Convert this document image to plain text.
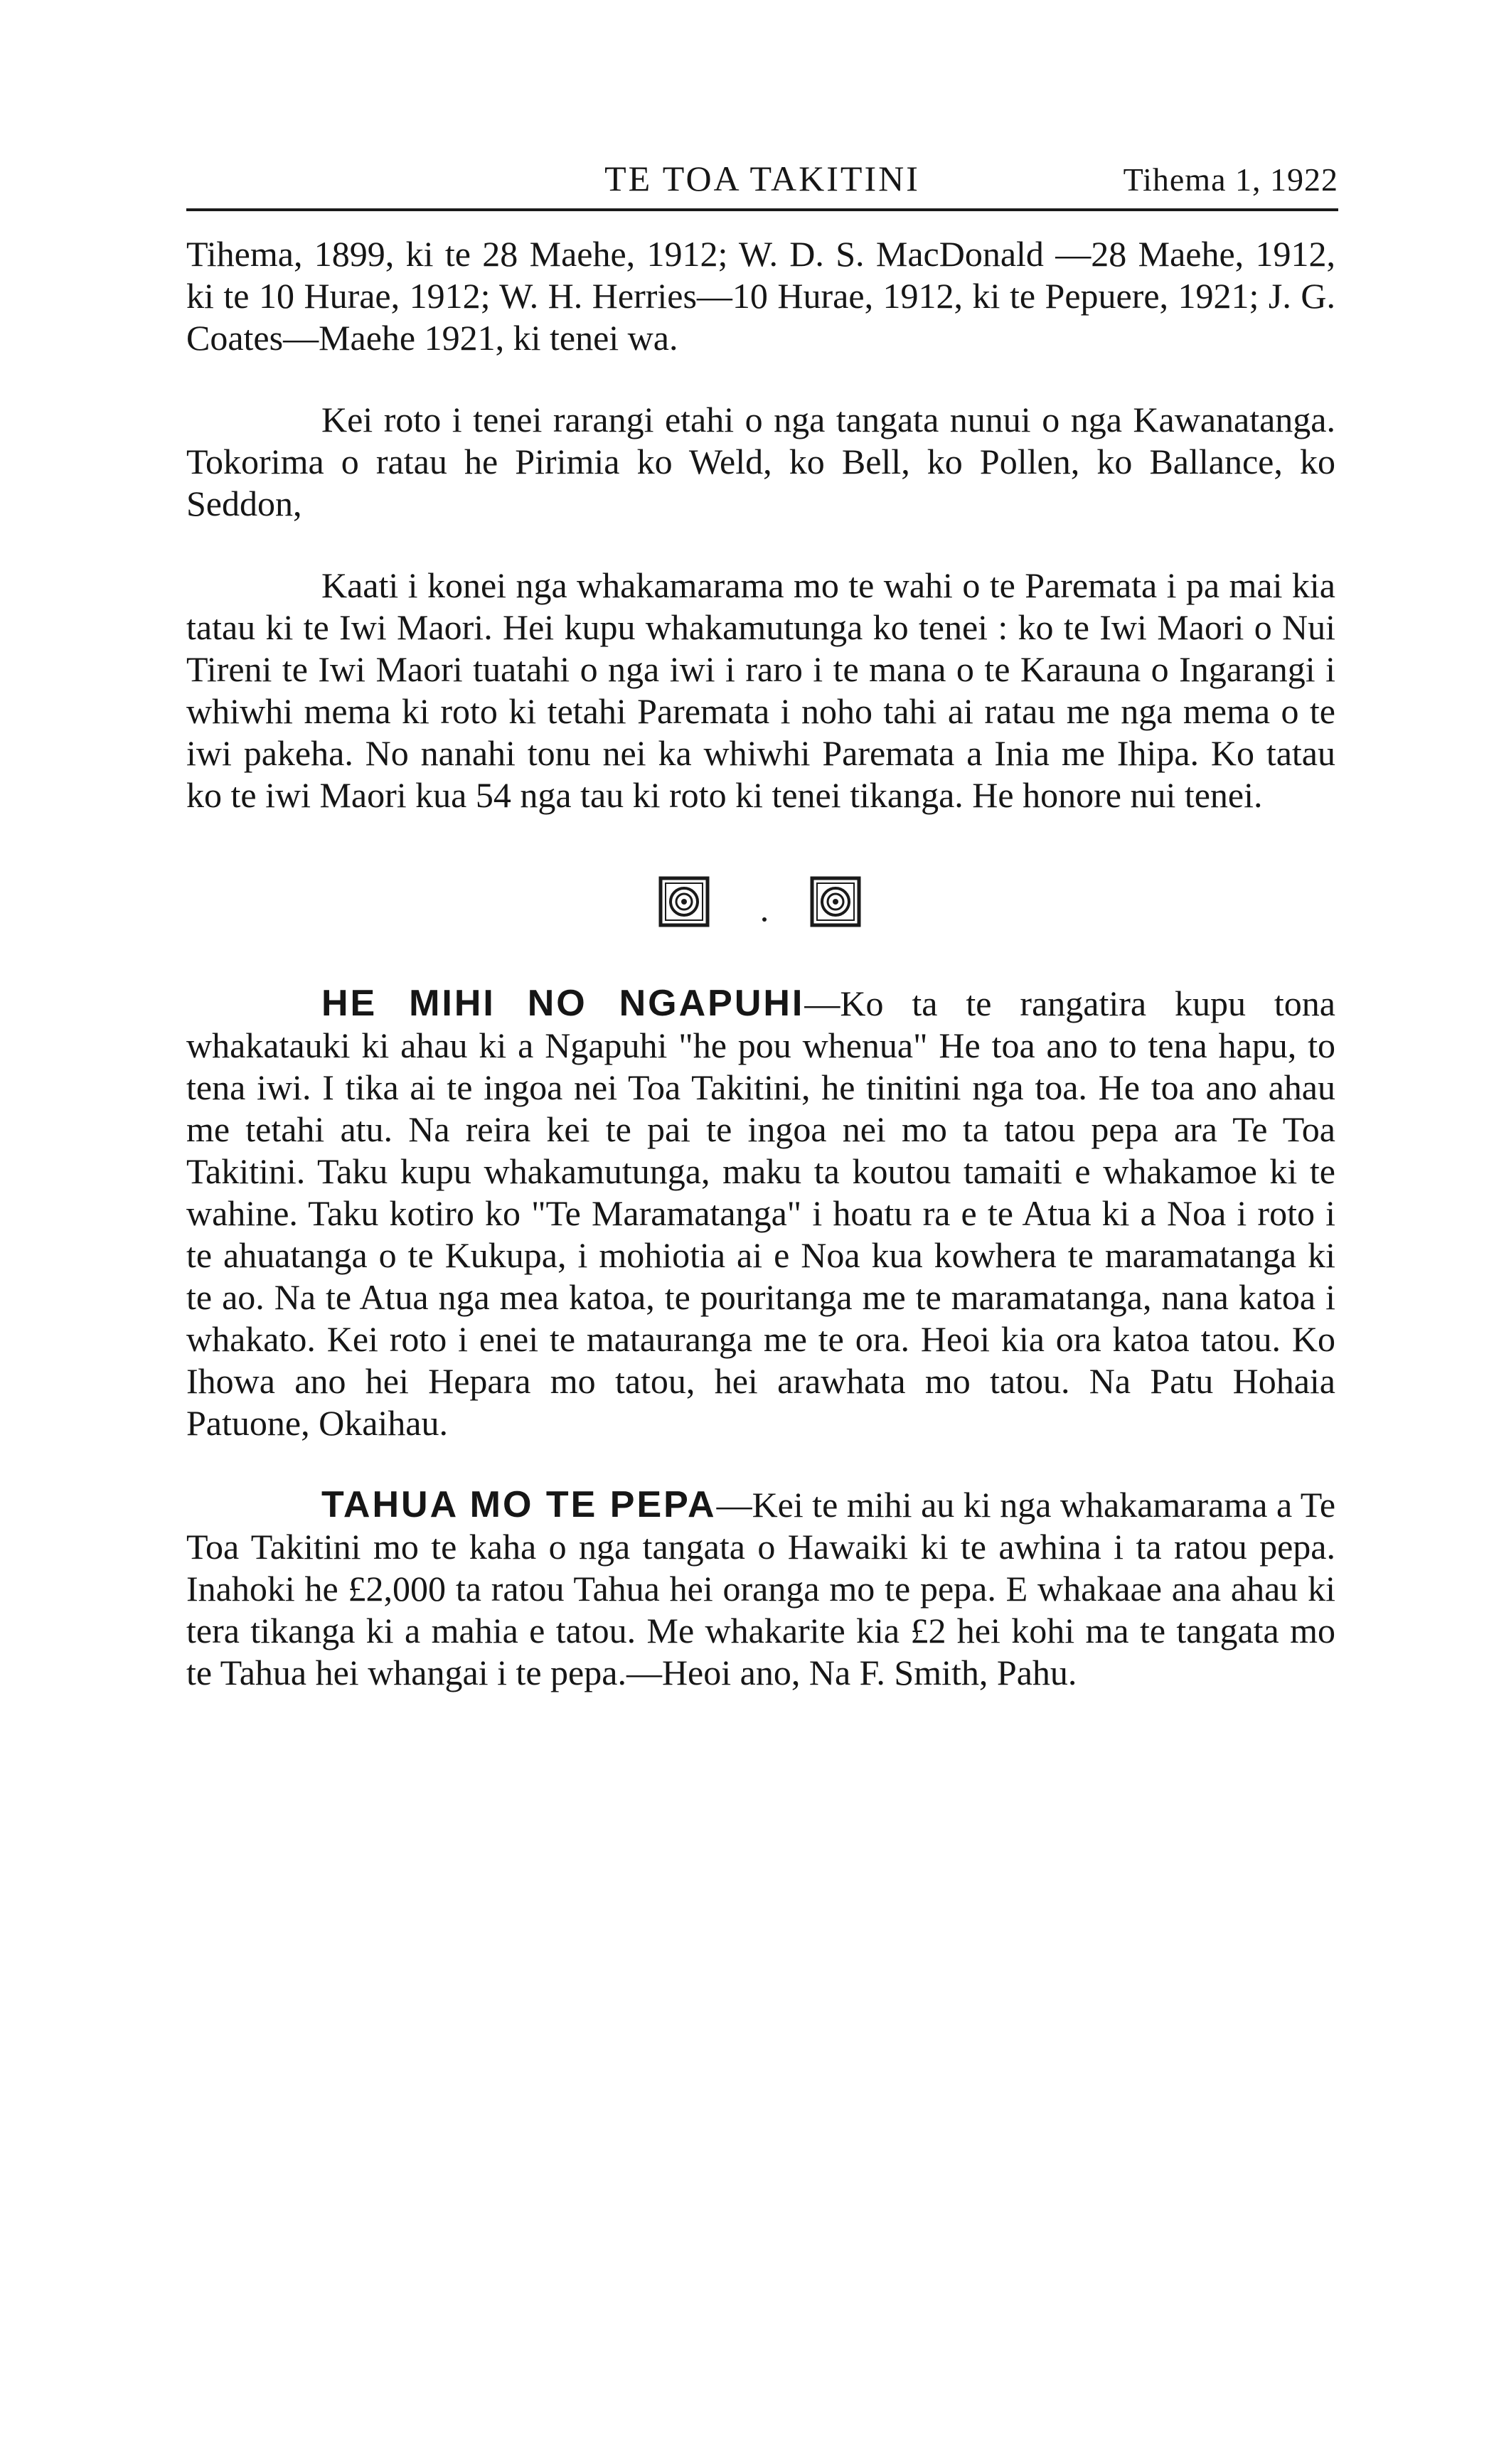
TE TOA TAKITINI	Tihema 1, 1922

Tihema, 1899, ki te 28 Maehe, 1912; W. D. S. MacDonald —28 Maehe, 1912, ki te 10 Hurae, 1912; W. H. Herries—10 Hurae, 1912, ki te Pepuere, 1921; J. G. Coates—Maehe 1921, ki tenei wa.

Kei roto i tenei rarangi etahi o nga tangata nunui o nga Kawanatanga. Tokorima o ratau he Pirimia ko Weld, ko Bell, ko Pollen, ko Ballance, ko Seddon,

Kaati i konei nga whakamarama mo te wahi o te Paremata i pa mai kia tatau ki te Iwi Maori. Hei kupu whakamutunga ko tenei : ko te Iwi Maori o Nui Tireni te Iwi Maori tuatahi o nga iwi i raro i te mana o te Karauna o Ingarangi i whiwhi mema ki roto ki tetahi Paremata i noho tahi ai ratau me nga mema o te iwi pakeha. No nanahi tonu nei ka whiwhi Paremata a Inia me Ihipa. Ko tatau ko te iwi Maori kua 54 nga tau ki roto ki tenei tikanga. He honore nui tenei.

HE MIHI NO NGAPUHI—Ko ta te rangatira kupu tona whakatauki ki ahau ki a Ngapuhi "he pou whenua" He toa ano to tena hapu, to tena iwi. I tika ai te ingoa nei Toa Takitini, he tinitini nga toa. He toa ano ahau me tetahi atu. Na reira kei te pai te ingoa nei mo ta tatou pepa ara Te Toa Takitini. Taku kupu whakamutunga, maku ta koutou tamaiti e whakamoe ki te wahine. Taku kotiro ko "Te Maramatanga" i hoatu ra e te Atua ki a Noa i roto i te ahuatanga o te Kukupa, i mohiotia ai e Noa kua kowhera te maramatanga ki te ao. Na te Atua nga mea katoa, te pouritanga me te maramatanga, nana katoa i whakato. Kei roto i enei te matauranga me te ora. Heoi kia ora katoa tatou. Ko Ihowa ano hei Hepara mo tatou, hei arawhata mo tatou. Na Patu Hohaia Patuone, Okaihau.

TAHUA MO TE PEPA—Kei te mihi au ki nga whakamarama a Te Toa Takitini mo te kaha o nga tangata o Hawaiki ki te awhina i ta ratou pepa. Inahoki he £2,000 ta ratou Tahua hei oranga mo te pepa. E whakaae ana ahau ki tera tikanga ki a mahia e tatou. Me whakarite kia £2 hei kohi ma te tangata mo te Tahua hei whangai i te pepa.—Heoi ano, Na F. Smith, Pahu.
